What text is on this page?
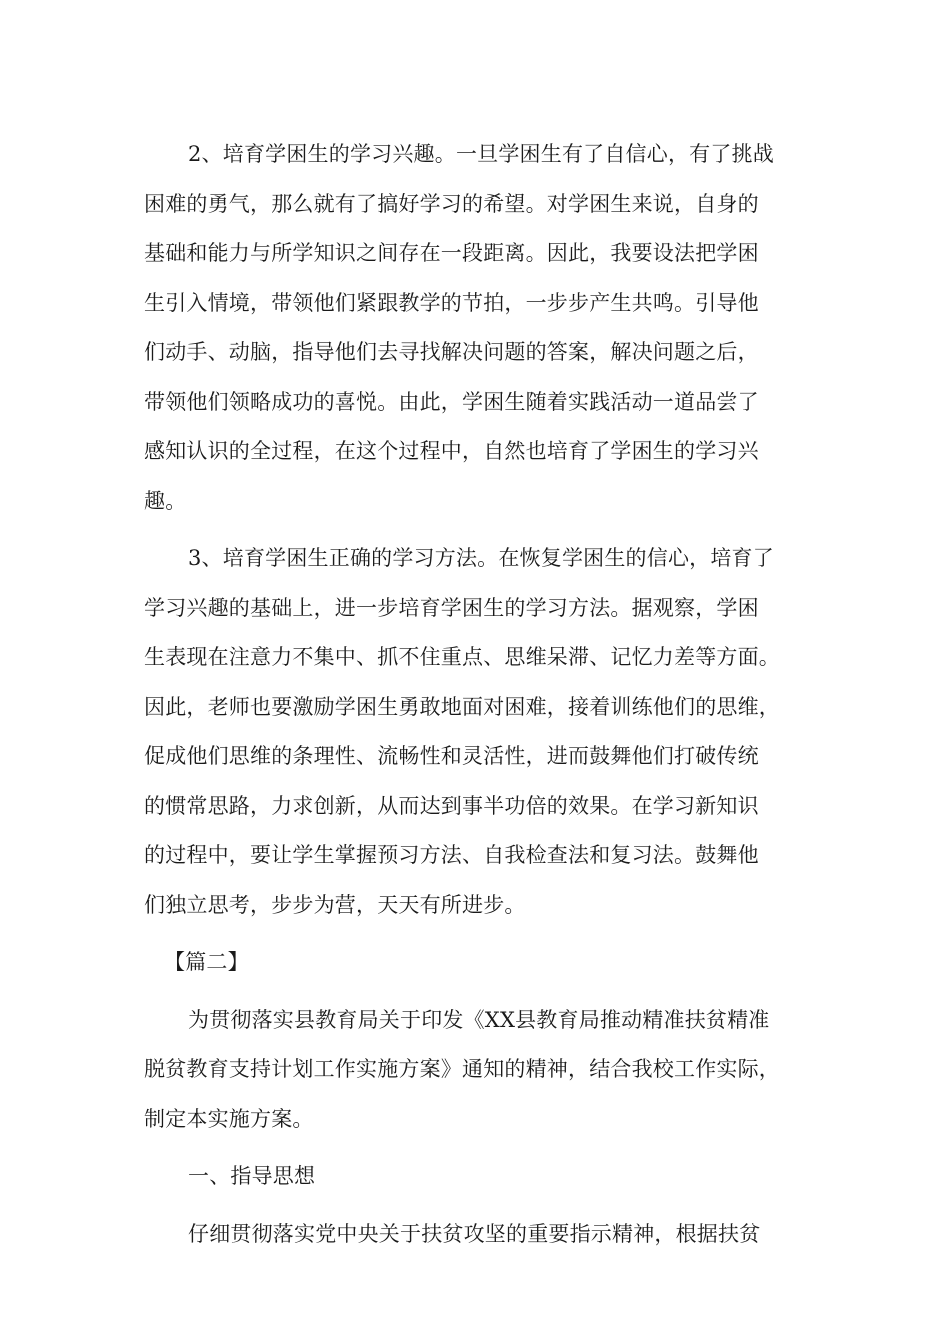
2、培育学困生的学习兴趣。一旦学困生有了自信心，有了挑战
困难的勇气，那么就有了搞好学习的希望。对学困生来说，自身的
基础和能力与所学知识之间存在一段距离。因此，我要设法把学困
生引入情境，带领他们紧跟教学的节拍，一步步产生共鸣。引导他
们动手、动脑，指导他们去寻找解决问题的答案，解决问题之后，
带领他们领略成功的喜悦。由此，学困生随着实践活动一道品尝了
感知认识的全过程，在这个过程中，自然也培育了学困生的学习兴
趣。
3、培育学困生正确的学习方法。在恢复学困生的信心，培育了
学习兴趣的基础上，进一步培育学困生的学习方法。据观察，学困
生表现在注意力不集中、抓不住重点、思维呆滞、记忆力差等方面。
因此，老师也要激励学困生勇敢地面对困难，接着训练他们的思维，
促成他们思维的条理性、流畅性和灵活性，进而鼓舞他们打破传统
的惯常思路，力求创新，从而达到事半功倍的效果。在学习新知识
的过程中，要让学生掌握预习方法、自我检查法和复习法。鼓舞他
们独立思考，步步为营，天天有所进步。
【篇二】
为贯彻落实县教育局关于印发《XX县教育局推动精准扶贫精准
脱贫教育支持计划工作实施方案》通知的精神，结合我校工作实际，
制定本实施方案。
一、指导思想
仔细贯彻落实党中央关于扶贫攻坚的重要指示精神，根据扶贫
